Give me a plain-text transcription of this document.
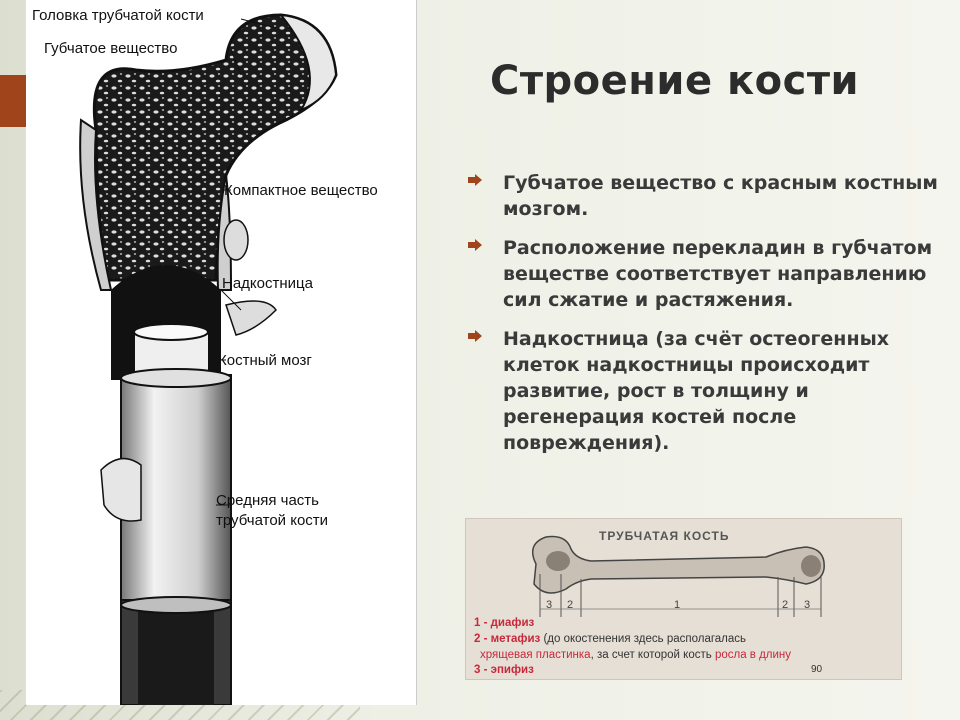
Головка трубчатой кости
Губчатое вещество
Компактное вещество
Надкостница
Костный мозг
Средняя часть
трубчатой кости
Строение кости
Губчатое вещество с красным костным мозгом.
Расположение перекладин в губчатом веществе соответствует направлению сил сжатие и растяжения.
Надкостница (за счёт остеогенных клеток надкостницы происходит развитие, рост в толщину и регенерация костей после повреждения).
ТРУБЧАТАЯ КОСТЬ
3 2	1	2 3
1 - диафиз
2 - метафиз (до окостенения здесь располагалась
хрящевая пластинка, за счет которой кость росла в длину
3 - эпифиз	90
